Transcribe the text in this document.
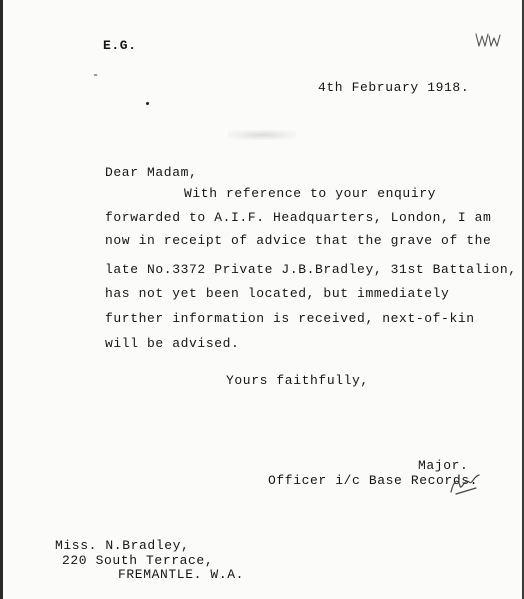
E.G.
-
4th February 1918.
Dear Madam,
With reference to your enquiry
forwarded to A.I.F. Headquarters, London, I am
now in receipt of advice that the grave of the
late No.3372 Private J.B.Bradley, 31st Battalion,
has not yet been located, but immediately
further information is received, next-of-kin
will be advised.
Yours faithfully,
Major.
Officer i/c Base Records.
Miss. N.Bradley,
220 South Terrace,
FREMANTLE. W.A.
